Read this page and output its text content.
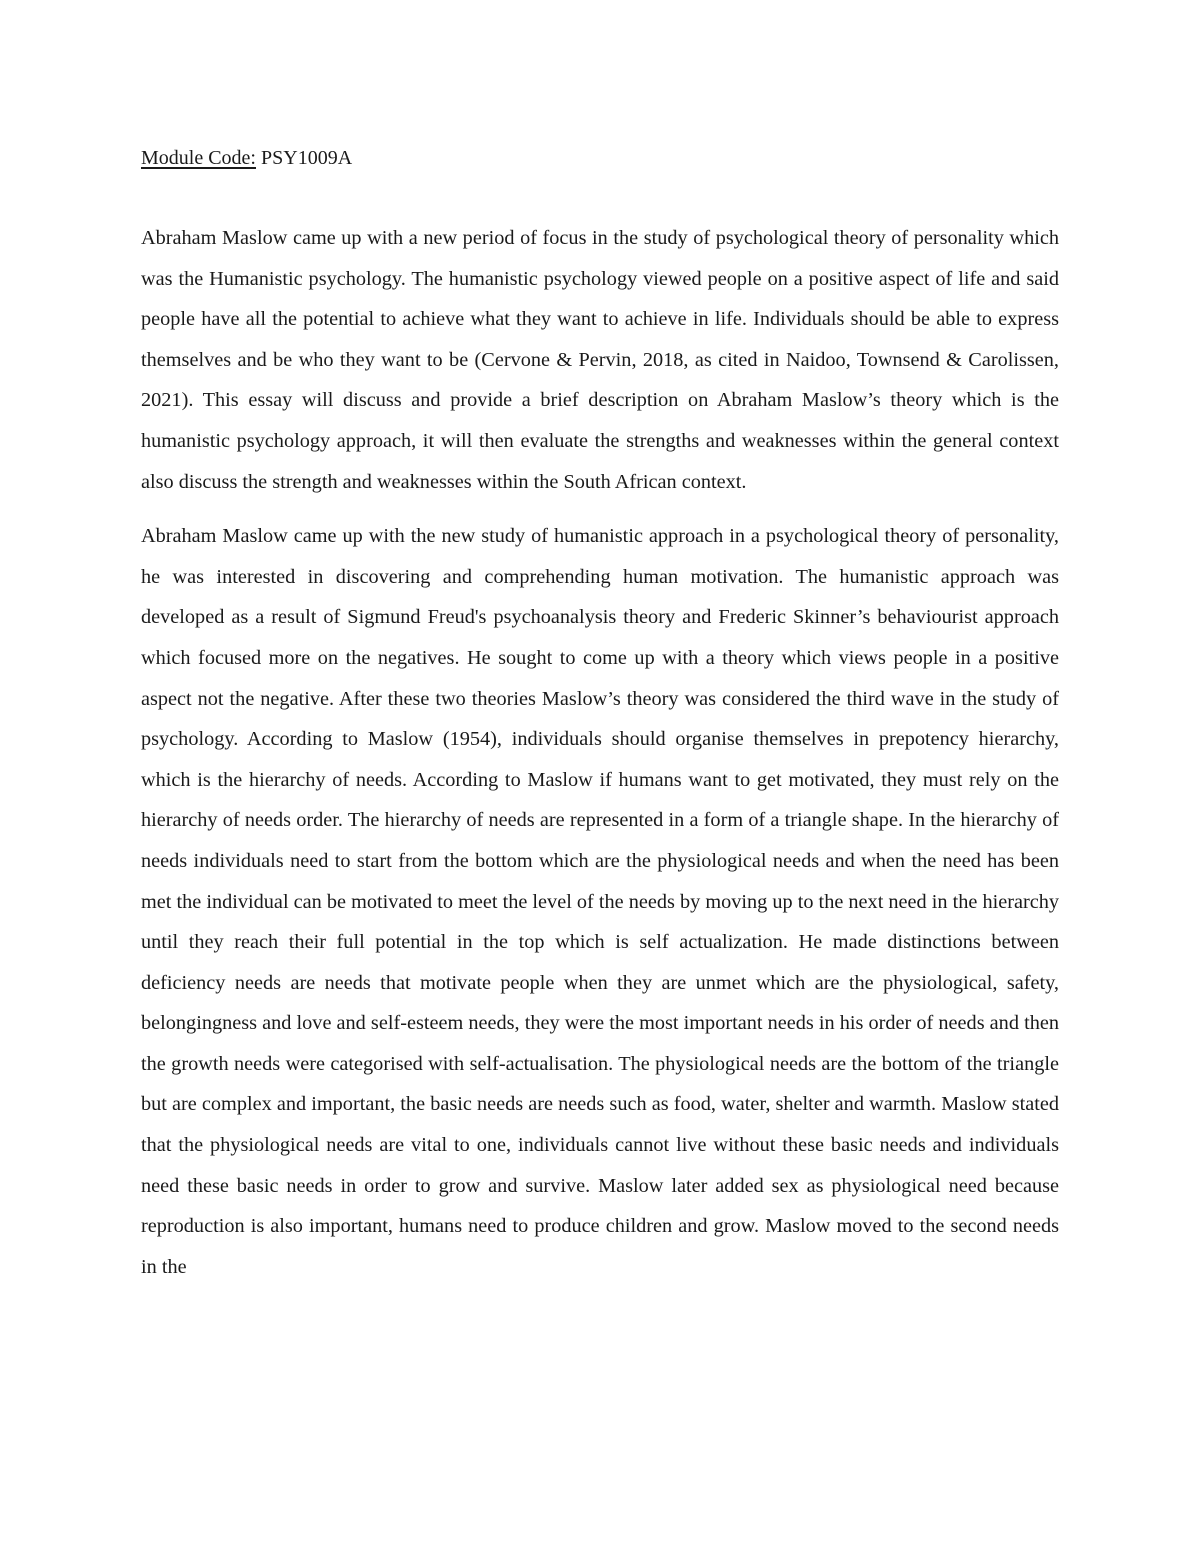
Module Code: PSY1009A

Abraham Maslow came up with a new period of focus in the study of psychological theory of personality which was the Humanistic psychology. The humanistic psychology viewed people on a positive aspect of life and said people have all the potential to achieve what they want to achieve in life. Individuals should be able to express themselves and be who they want to be (Cervone & Pervin, 2018, as cited in Naidoo, Townsend & Carolissen, 2021). This essay will discuss and provide a brief description on Abraham Maslow’s theory which is the humanistic psychology approach, it will then evaluate the strengths and weaknesses within the general context also discuss the strength and weaknesses within the South African context.

Abraham Maslow came up with the new study of humanistic approach in a psychological theory of personality, he was interested in discovering and comprehending human motivation. The humanistic approach was developed as a result of Sigmund Freud's psychoanalysis theory and Frederic Skinner’s behaviourist approach which focused more on the negatives. He sought to come up with a theory which views people in a positive aspect not the negative. After these two theories Maslow’s theory was considered the third wave in the study of psychology. According to Maslow (1954), individuals should organise themselves in prepotency hierarchy, which is the hierarchy of needs. According to Maslow if humans want to get motivated, they must rely on the hierarchy of needs order. The hierarchy of needs are represented in a form of a triangle shape. In the hierarchy of needs individuals need to start from the bottom which are the physiological needs and when the need has been met the individual can be motivated to meet the level of the needs by moving up to the next need in the hierarchy until they reach their full potential in the top which is self actualization. He made distinctions between deficiency needs are needs that motivate people when they are unmet which are the physiological, safety, belongingness and love and self-esteem needs, they were the most important needs in his order of needs and then the growth needs were categorised with self-actualisation. The physiological needs are the bottom of the triangle but are complex and important, the basic needs are needs such as food, water, shelter and warmth. Maslow stated that the physiological needs are vital to one, individuals cannot live without these basic needs and individuals need these basic needs in order to grow and survive. Maslow later added sex as physiological need because reproduction is also important, humans need to produce children and grow. Maslow moved to the second needs in the
